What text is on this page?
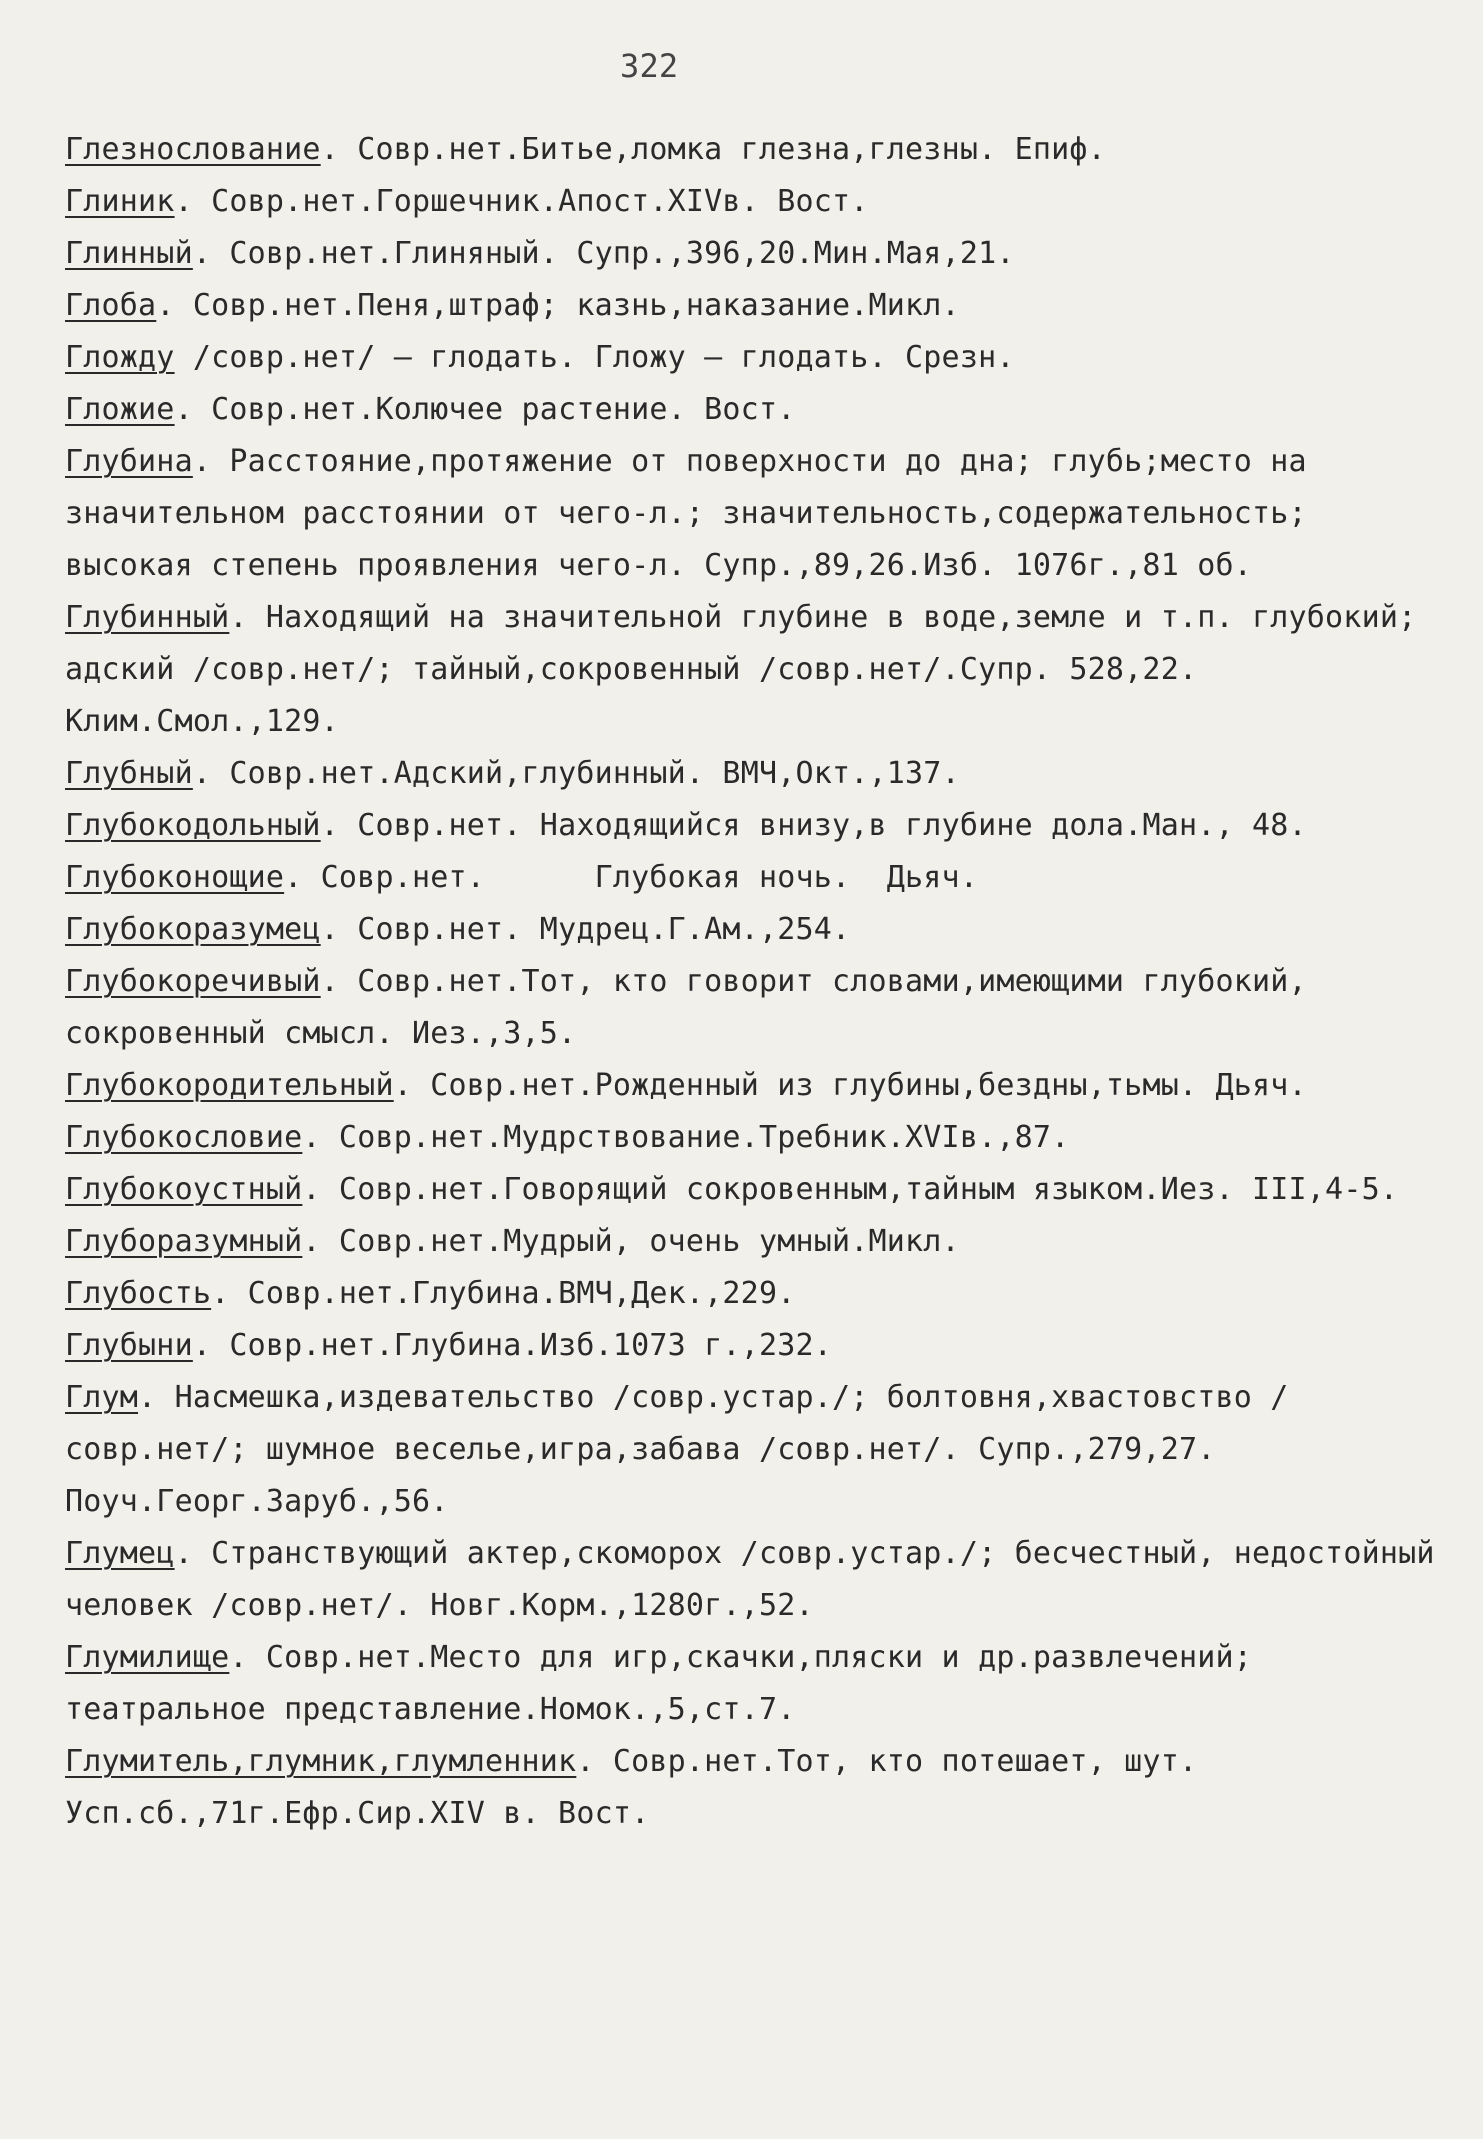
322
Глезнослование. Совр.нет.Битье,ломка глезна,глезны. Епиф.
Глиник. Совр.нет.Горшечник.Апост.XIVв. Вост.
Глинный. Совр.нет.Глиняный. Супр.,396,20.Мин.Мая,21.
Глоба. Совр.нет.Пеня,штраф; казнь,наказание.Микл.
Гложду /совр.нет/ – глодать. Гложу – глодать. Срезн.
Гложие. Совр.нет.Колючее растение. Вост.
Глубина. Расстояние,протяжение от поверхности до дна; глубь;место на значительном расстоянии от чего-л.; значительность,содержательность; высокая степень проявления чего-л. Супр.,89,26.Изб. 1076г.,81 об.
Глубинный. Находящий на значительной глубине в воде,земле и т.п. глубокий; адский /совр.нет/; тайный,сокровенный /совр.нет/.Супр. 528,22. Клим.Смол.,129.
Глубный. Совр.нет.Адский,глубинный. ВМЧ,Окт.,137.
Глубокодольный. Совр.нет. Находящийся внизу,в глубине дола.Ман., 48.
Глубоконощие. Совр.нет.      Глубокая ночь.  Дьяч.
Глубокоразумец. Совр.нет. Мудрец.Г.Ам.,254.
Глубокоречивый. Совр.нет.Тот, кто говорит словами,имеющими глубокий, сокровенный смысл. Иез.,3,5.
Глубокородительный. Совр.нет.Рожденный из глубины,бездны,тьмы. Дьяч.
Глубокословие. Совр.нет.Мудрствование.Требник.XVIв.,87.
Глубокоустный. Совр.нет.Говорящий сокровенным,тайным языком.Иез. III,4-5.
Глуборазумный. Совр.нет.Мудрый, очень умный.Микл.
Глубость. Совр.нет.Глубина.ВМЧ,Дек.,229.
Глубыни. Совр.нет.Глубина.Изб.1073 г.,232.
Глум. Насмешка,издевательство /совр.устар./; болтовня,хвастовство /совр.нет/; шумное веселье,игра,забава /совр.нет/. Супр.,279,27. Поуч.Георг.Заруб.,56.
Глумец. Странствующий актер,скоморох /совр.устар./; бесчестный, недостойный человек /совр.нет/. Новг.Корм.,1280г.,52.
Глумилище. Совр.нет.Место для игр,скачки,пляски и др.развлечений; театральное представление.Номок.,5,ст.7.
Глумитель,глумник,глумленник. Совр.нет.Тот, кто потешает, шут. Усп.сб.,71г.Ефр.Сир.XIV в. Вост.
